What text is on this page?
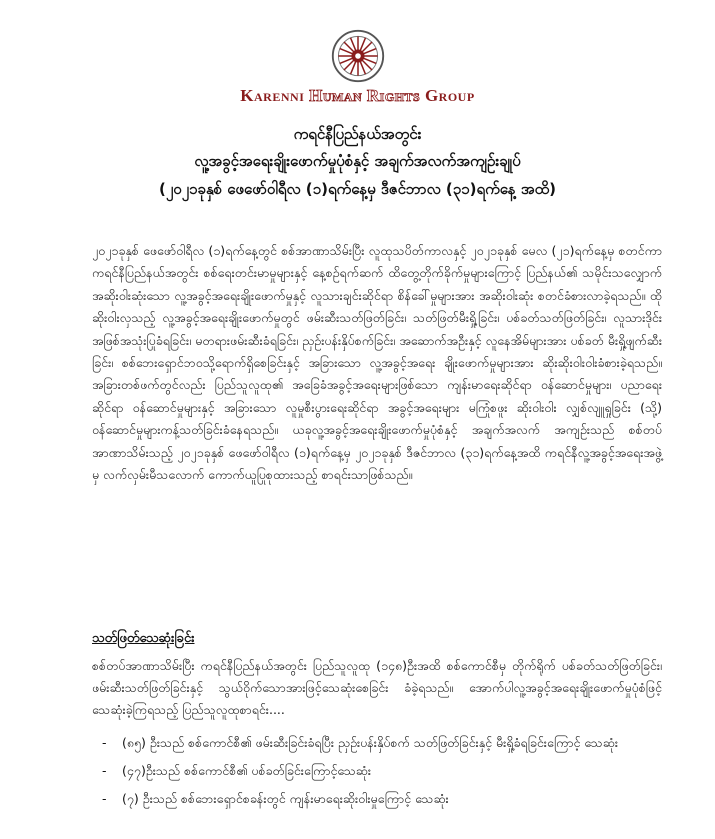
Karenni Human Rights Group
ကရင်နီပြည်နယ်အတွင်း
လူ့အခွင့်အရေးချိုးဖောက်မှုပုံစံနှင့် အချက်အလက်အကျဉ်းချုပ်
(၂၀၂၁ခုနှစ် ဖေဖော်ဝါရီလ (၁)ရက်နေ့မှ ဒီဇင်ဘာလ (၃၁)ရက်နေ့ အထိ)

၂၀၂၁ခုနှစ် ဖေဖော်ဝါရီလ (၁)ရက်နေ့တွင် စစ်အာဏာသိမ်းပြီး လူထုသပိတ်ကာလနှင့် ၂၀၂၁ခုနှစ် မေလ (၂၁)ရက်နေ့မှ စတင်ကာ ကရင်နီပြည်နယ်အတွင်း စစ်ရေးတင်းမာမှုများနှင့် နေ့စဉ်ရက်ဆက် ထိတွေ့တိုက်ခိုက်မှုများကြောင့် ပြည်နယ်၏ သမိုင်းသလျှောက် အဆိုးဝါးဆုံးသော လူ့အခွင့်အရေးချိုးဖောက်မှုနှင့် လူသားချင်းဆိုင်ရာ စိန်ခေါ်မှုများအား အဆိုးဝါးဆုံး စတင်ခံစားလာခဲ့ရသည်။ ထိုဆိုးဝါးလှသည့် လူ့အခွင့်အရေးချိုးဖောက်မှုတွင် ဖမ်းဆီးသတ်ဖြတ်ခြင်း၊ သတ်ဖြတ်မီးရှို့ခြင်း၊ ပစ်ခတ်သတ်ဖြတ်ခြင်း၊ လူသားဒိုင်းအဖြစ်အသုံးပြုခံရခြင်း၊ မတရားဖမ်းဆီးခံရခြင်း၊ ညှဉ်းပန်းနှိပ်စက်ခြင်း၊ အဆောက်အဦးနှင့် လူနေအိမ်များအား ပစ်ခတ် မီးရှို့ဖျက်ဆီးခြင်း၊ စစ်ဘေးရှောင်ဘဝသို့ရောက်ရှိစေခြင်းနှင့် အခြားသော လူ့အခွင့်အရေး ချိုးဖောက်မှုများအား ဆိုးဆိုးဝါးဝါးခံစားခဲ့ရသည်။ အခြားတစ်ဖက်တွင်လည်း ပြည်သူလူထု၏ အခြေခံအခွင့်အရေးများဖြစ်သော ကျန်းမာရေးဆိုင်ရာ ဝန်ဆောင်မှုများ၊ ပညာရေးဆိုင်ရာ ဝန်ဆောင်မှုများနှင့် အခြားသော လူမှုစီးပွားရေးဆိုင်ရာ အခွင့်အရေးများ မကြုံစဖူး ဆိုးဝါးဝါး လျှစ်လျူရှုခြင်း (သို့) ဝန်ဆောင်မှုများကန့်သတ်ခြင်းခံနေရသည်။ ယခုလူ့အခွင့်အရေးချိုးဖောက်မှုပုံစံနှင့် အချက်အလက် အကျဉ်းသည် စစ်တပ်အာဏာသိမ်းသည့် ၂၀၂၁ခုနှစ် ဖေဖော်ဝါရီလ (၁)ရက်နေ့မှ ၂၀၂၁ခုနှစ် ဒီဇင်ဘာလ (၃၁)ရက်နေ့အထိ ကရင်နီလူ့အခွင့်အရေးအဖွဲ့မှ လက်လှမ်းမီသလောက် ကောက်ယူပြုစုထားသည့် စာရင်းသာဖြစ်သည်။

သတ်ဖြတ်သေဆုံးခြင်း
စစ်တပ်အာဏာသိမ်းပြီး ကရင်နီပြည်နယ်အတွင်း ပြည်သူလူထု (၁၄၈)ဦးအထိ စစ်ကောင်စီမှ တိုက်ရိုက် ပစ်ခတ်သတ်ဖြတ်ခြင်း၊ ဖမ်းဆီးသတ်ဖြတ်ခြင်းနှင့် သွယ်ဝိုက်သောအားဖြင့်သေဆုံးစေခြင်း ခံခဲ့ရသည်။ အောက်ပါလူ့အခွင့်အရေးချိုးဖောက်မှုပုံစံဖြင့် သေဆုံးခဲ့ကြရသည့် ပြည်သူလူထုစာရင်း....
-	(၈၅) ဦးသည် စစ်ကောင်စီ၏ ဖမ်းဆီးခြင်းခံရပြီး ညှဉ်းပန်းနှိပ်စက် သတ်ဖြတ်ခြင်းနှင့် မီးရှို့ခံရခြင်းကြောင့် သေဆုံး
-	(၄၇)ဦးသည် စစ်ကောင်စီ၏ ပစ်ခတ်ခြင်းကြောင့်သေဆုံး
-	(၇) ဦးသည် စစ်ဘေးရှောင်စခန်းတွင် ကျန်းမာရေးဆိုးဝါးမှုကြောင့် သေဆုံး
